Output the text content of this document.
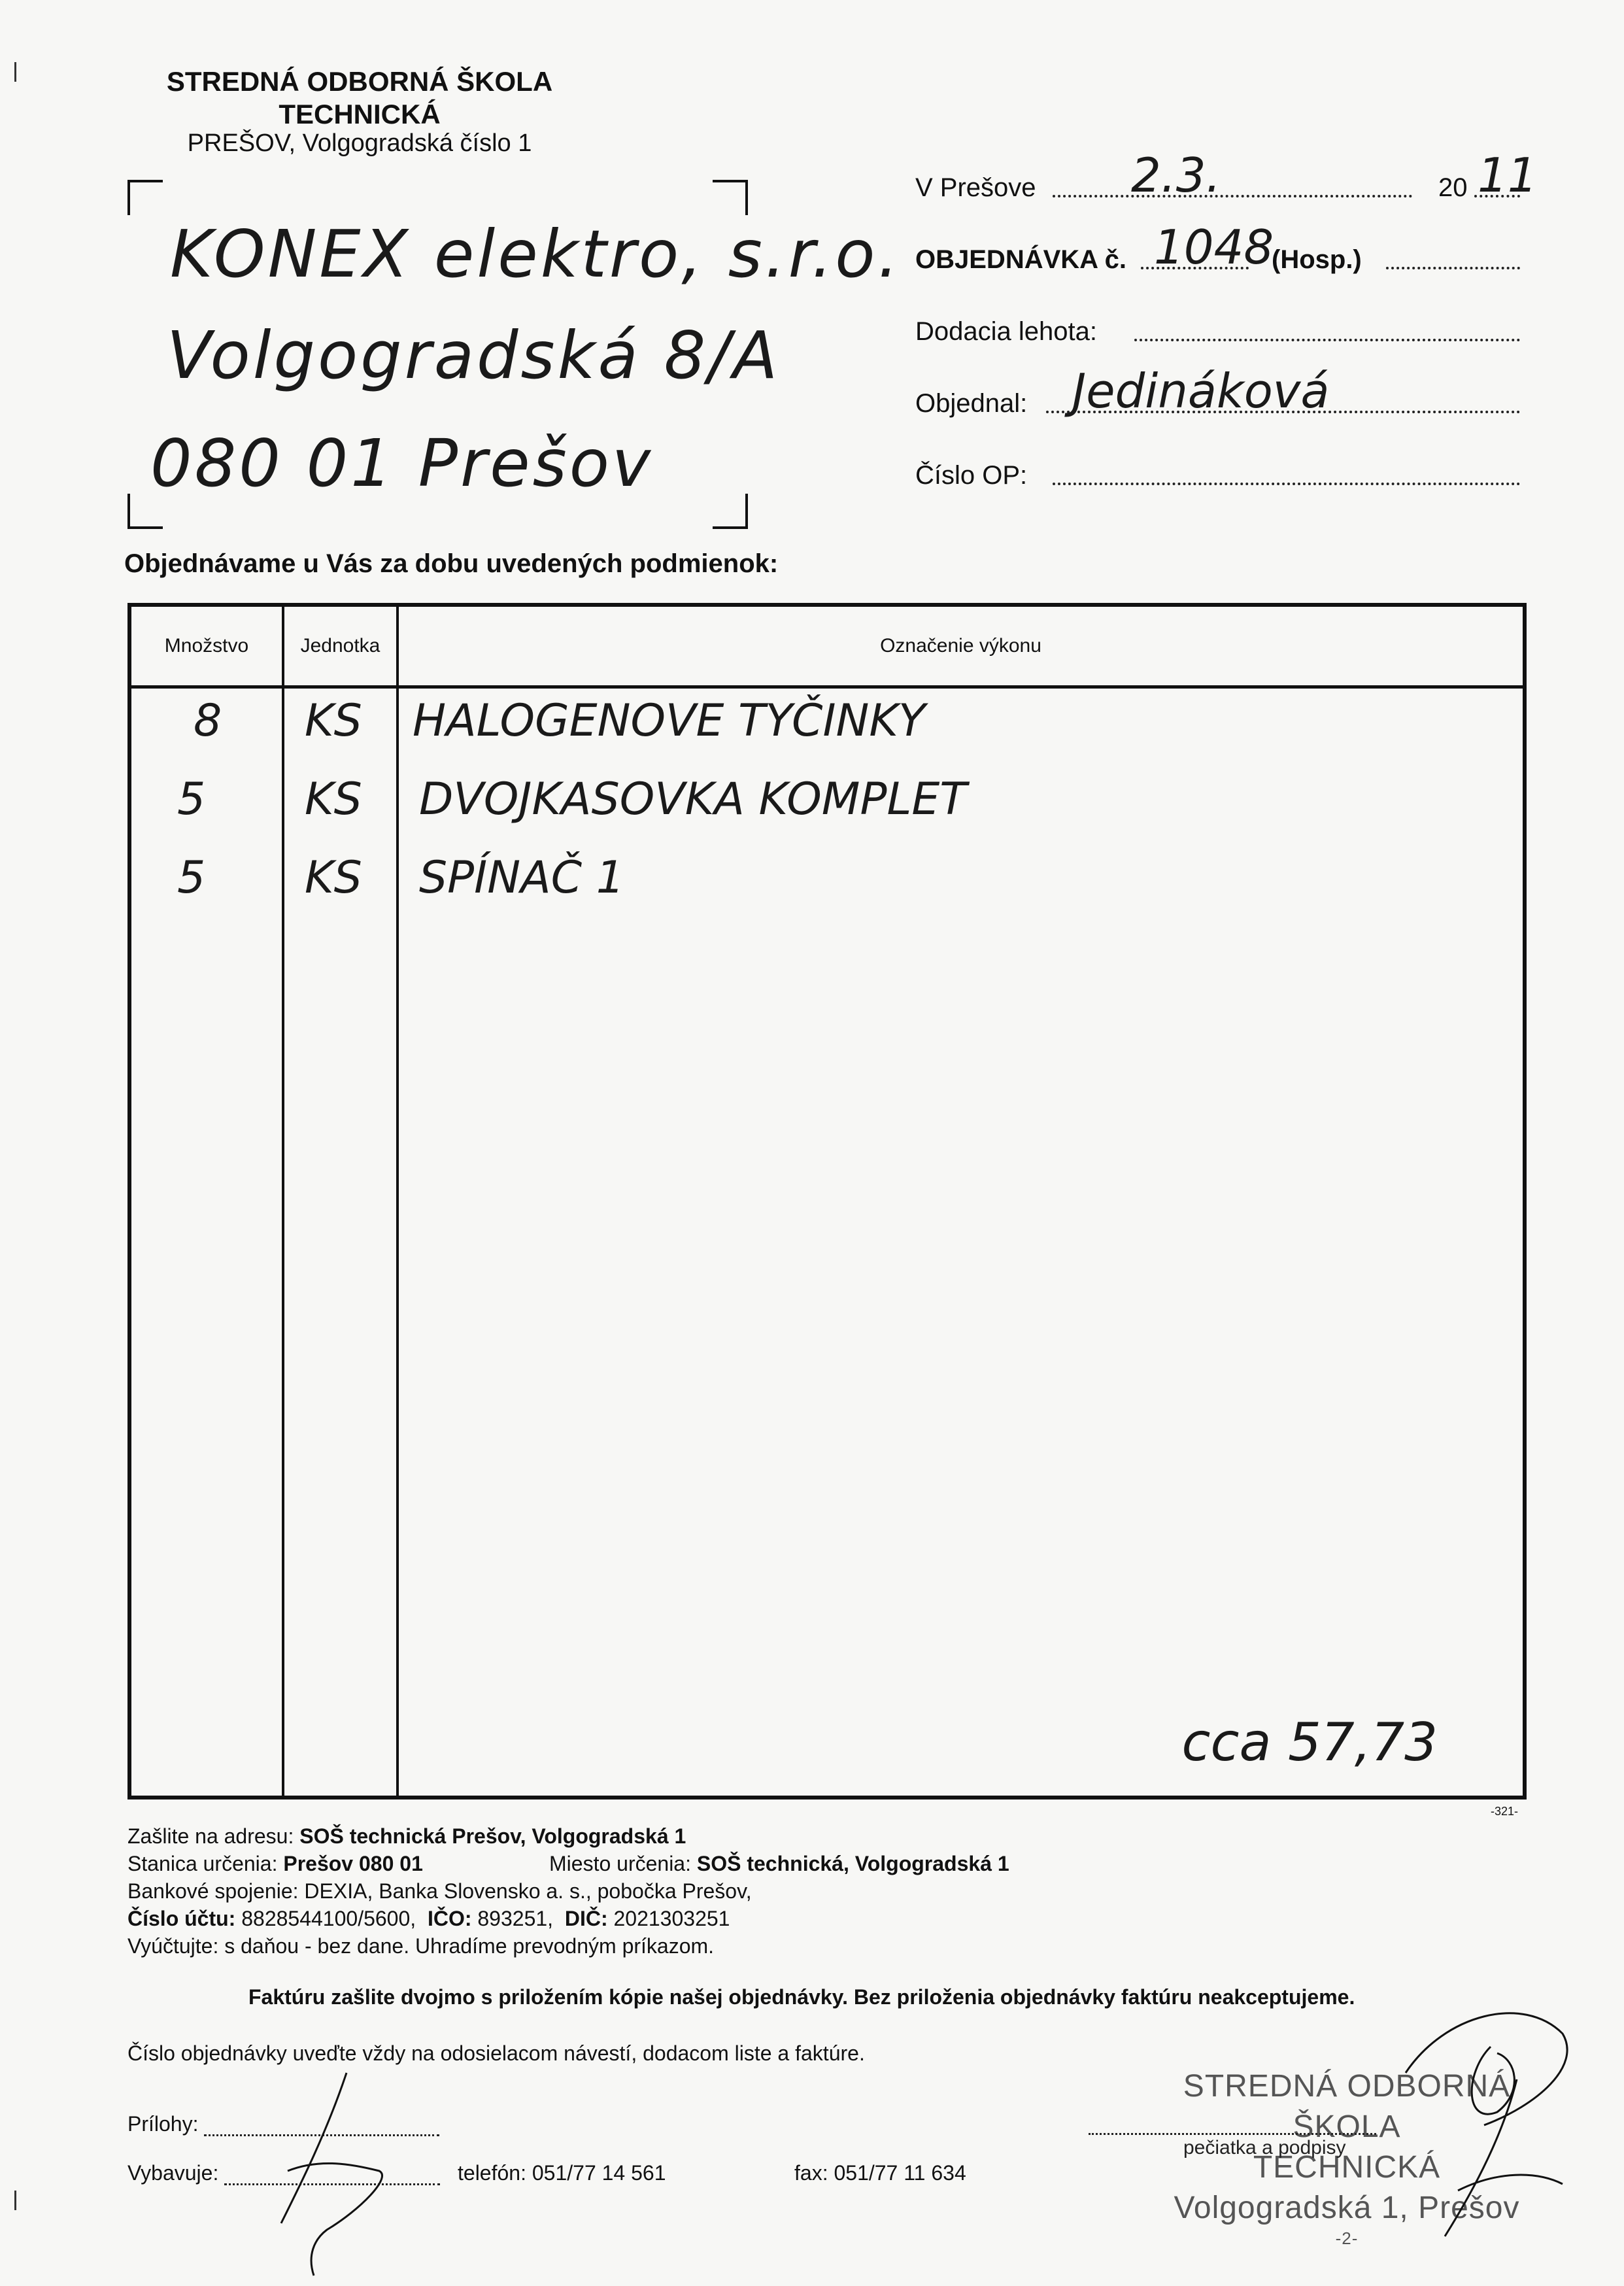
STREDNÁ ODBORNÁ ŠKOLA
TECHNICKÁ
PREŠOV, Volgogradská číslo 1
KONEX elektro, s.r.o.
Volgogradská 8/A
080 01 Prešov
V Prešove 2.3.	20 11
OBJEDNÁVKA č. 1048
(Hosp.)
Dodacia lehota:
Objednal: Jedináková
Číslo OP:
Objednávame u Vás za dobu uvedených podmienok:
Množstvo	Jednotka	Označenie výkonu
8 KS HALOGENOVE TYČINKY
5 KS DVOJKASOVKA KOMPLET
5 KS SPÍNAČ 1
cca 57,73
-321-
Zašlite na adresu: SOŠ technická Prešov, Volgogradská 1
Stanica určenia: Prešov 080 01	Miesto určenia: SOŠ technická, Volgogradská 1
Bankové spojenie: DEXIA, Banka Slovensko a. s., pobočka Prešov,
Číslo účtu: 8828544100/5600, IČO: 893251, DIČ: 2021303251
Vyúčtujte: s daňou - bez dane. Uhradíme prevodným príkazom.
Faktúru zašlite dvojmo s priložením kópie našej objednávky. Bez priloženia objednávky faktúru neakceptujeme.
Číslo objednávky uveďte vždy na odosielacom návestí, dodacom liste a faktúre.
Prílohy:
Vybavuje:	telefón: 051/77 14 561	fax: 051/77 11 634
STREDNÁ ODBORNÁ ŠKOLA
TECHNICKÁ
Volgogradská 1, Prešov
-2-
pečiatka a podpisy
